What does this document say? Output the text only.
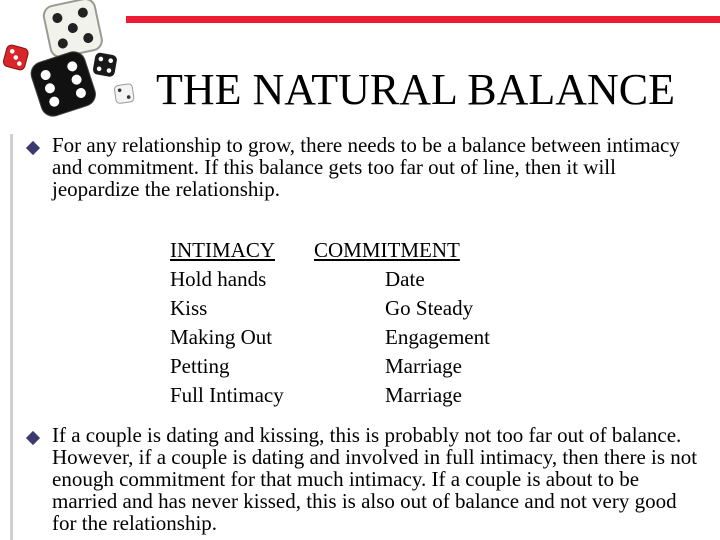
THE NATURAL BALANCE
For any relationship to grow, there needs to be a balance between intimacy and commitment. If this balance gets too far out of line, then it will jeopardize the relationship.
INTIMACY
Hold hands
Kiss
Making Out
Petting
Full Intimacy
COMMITMENT
Date
Go Steady
Engagement
Marriage
Marriage
If a couple is dating and kissing, this is probably not too far out of balance. However, if a couple is dating and involved in full intimacy, then there is not enough commitment for that much intimacy. If a couple is about to be married and has never kissed, this is also out of balance and not very good for the relationship.
